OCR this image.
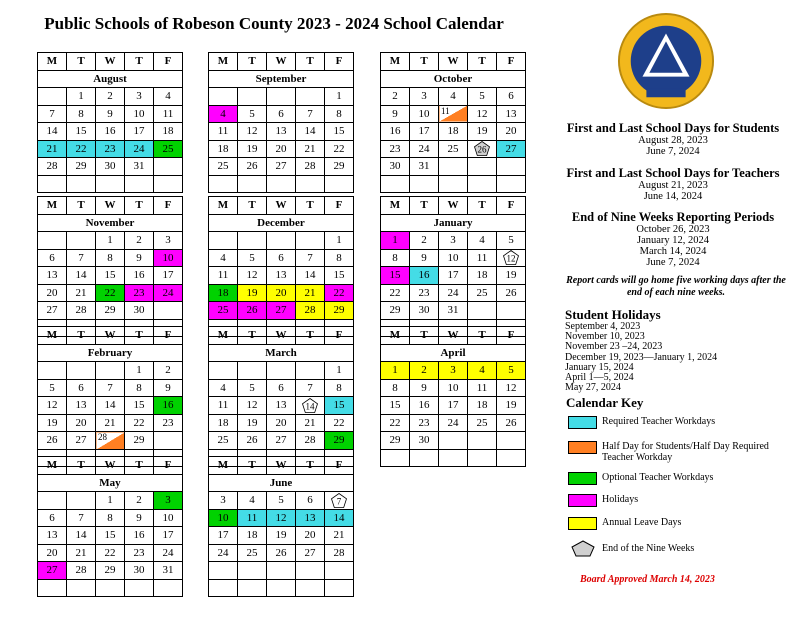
Public Schools of Robeson County 2023 - 2024 School Calendar
M	T	W	T	F
August				
	1	2	3	4
7	8	9	10	11
14	15	16	17	18
21	22	23	24	25
28	29	30	31	

M	T	W	T	F
September				
				1
4	5	6	7	8
11	12	13	14	15
18	19	20	21	22
25	26	27	28	29

M	T	W	T	F
October				
2	3	4	5	6
9	10	11	12	13
16	17	18	19	20
23	24	25	26	27
30	31			

M	T	W	T	F
November				
		1	2	3
6	7	8	9	10
13	14	15	16	17
20	21	22	23	24
27	28	29	30	

M	T	W	T	F
December				
				1
4	5	6	7	8
11	12	13	14	15
18	19	20	21	22
25	26	27	28	29

M	T	W	T	F
January				
1	2	3	4	5
8	9	10	11	12

15	16	17	18	19
22	23	24	25	26
29	30	31		

M	T	W	T	F
February				
			1	2
5	6	7	8	9
12	13	14	15	16
19	20	21	22	23
26	27	28	29	

M	T	W	T	F
March				
				1
4	5	6	7	8
11	12	13	14	15
18	19	20	21	22
25	26	27	28	29

M	T	W	T	F
April				
1	2	3	4	5
8	9	10	11	12
15	16	17	18	19
22	23	24	25	26
29	30			

M	T	W	T	F
May				
		1	2	3
6	7	8	9	10
13	14	15	16	17
20	21	22	23	24
27	28	29	30	31

M	T	W	T	F
June				
3	4	5	6	7

10	11	12	13	14
17	18	19	20	21
24	25	26	27	28

First and Last School Days for Students
August 28, 2023
June 7, 2024
First and Last School Days for Teachers
August 21, 2023
June 14, 2024
End of Nine Weeks Reporting Periods
October 26, 2023
January 12, 2024
March 14, 2024
June 7, 2024
Report cards will go home five working days after the end of each nine weeks.
Student Holidays
September 4, 2023
November 10, 2023
November 23 –24, 2023
December 19, 2023—January 1, 2024
January 15, 2024
April 1—5, 2024
May 27, 2024
Calendar Key
Required Teacher Workdays
Half Day for Students/Half Day Required Teacher Workday
Optional Teacher Workdays
Holidays
Annual Leave Days
End of the Nine Weeks
Board Approved March 14, 2023
